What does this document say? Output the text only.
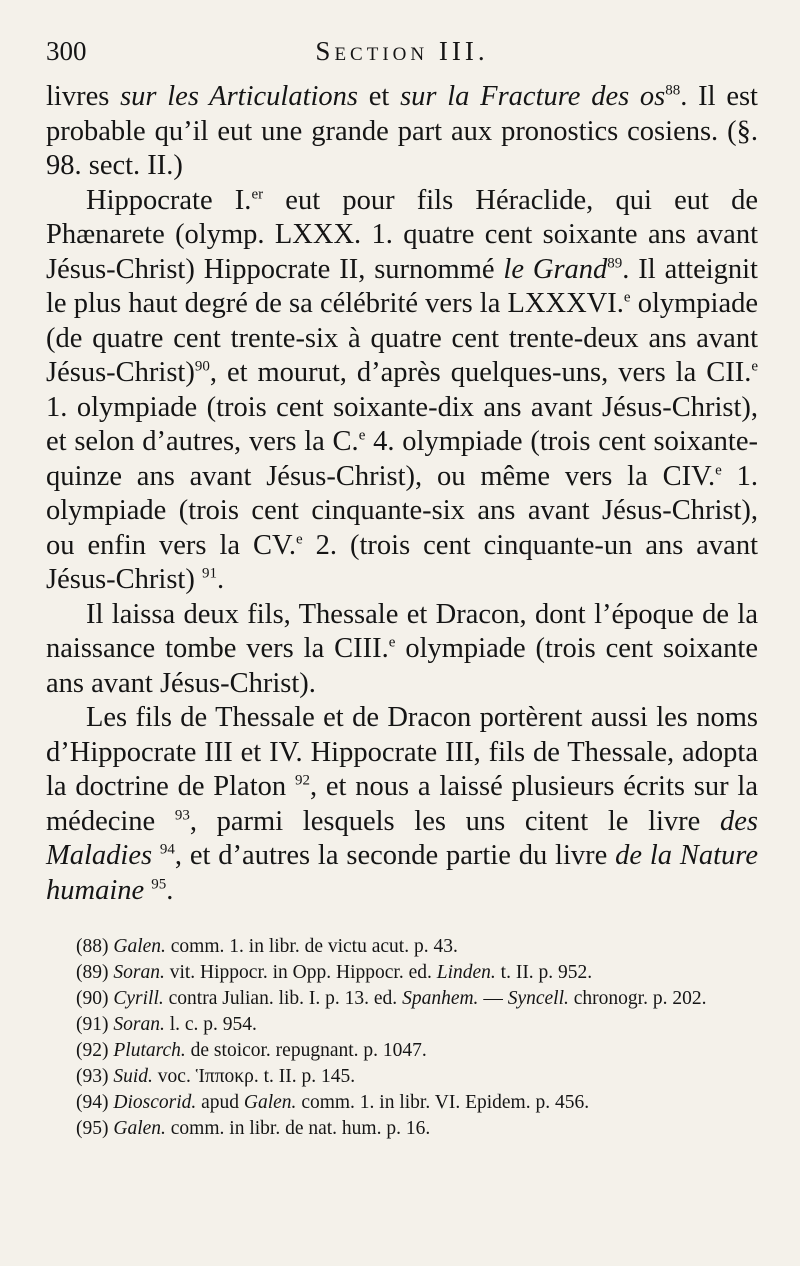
300	Section III.

livres sur les Articulations et sur la Fracture des $os^{88}$. Il est probable qu’il eut une grande part aux pronostics cosiens. (§. 98. sect. II.)

Hippocrate I.$^{er}$ eut pour fils Héraclide, qui eut de Phænarete (olymp. LXXX. 1. quatre cent soixante ans avant Jésus-Christ) Hippocrate II, surnommé le Grand$^{89}$. Il atteignit le plus haut degré de sa célébrité vers la LXXXVI.$^e$ olympiade (de quatre cent trente-six à quatre cent trente-deux ans avant Jésus-Christ)$^{90}$, et mourut, d’après quelques-uns, vers la CII.$^e$ 1. olympiade (trois cent soixante-dix ans avant Jésus-Christ), et selon d’autres, vers la C.$^e$ 4. olympiade (trois cent soixante-quinze ans avant Jésus-Christ), ou même vers la CIV.$^e$ 1. olympiade (trois cent cinquante-six ans avant Jésus-Christ), ou enfin vers la CV.$^e$ 2. (trois cent cinquante-un ans avant Jésus-Christ) $^{91}$.

Il laissa deux fils, Thessale et Dracon, dont l’époque de la naissance tombe vers la CIII.$^e$ olympiade (trois cent soixante ans avant Jésus-Christ).

Les fils de Thessale et de Dracon portèrent aussi les noms d’Hippocrate III et IV. Hippocrate III, fils de Thessale, adopta la doctrine de Platon $^{92}$, et nous a laissé plusieurs écrits sur la médecine $^{93}$, parmi lesquels les uns citent le livre des Maladies $^{94}$, et d’autres la seconde partie du livre de la Nature humaine $^{95}$.

(88) Galen. comm. 1. in libr. de victu acut. p. 43.
(89) Soran. vit. Hippocr. in Opp. Hippocr. ed. Linden. t. II. p. 952.
(90) Cyrill. contra Julian. lib. I. p. 13. ed. Spanhem. — Syncell. chronogr. p. 202.
(91) Soran. l. c. p. 954.
(92) Plutarch. de stoicor. repugnant. p. 1047.
(93) Suid. voc. Ἱπποκρ. t. II. p. 145.
(94) Dioscorid. apud Galen. comm. 1. in libr. VI. Epidem. p. 456.
(95) Galen. comm. in libr. de nat. hum. p. 16.
